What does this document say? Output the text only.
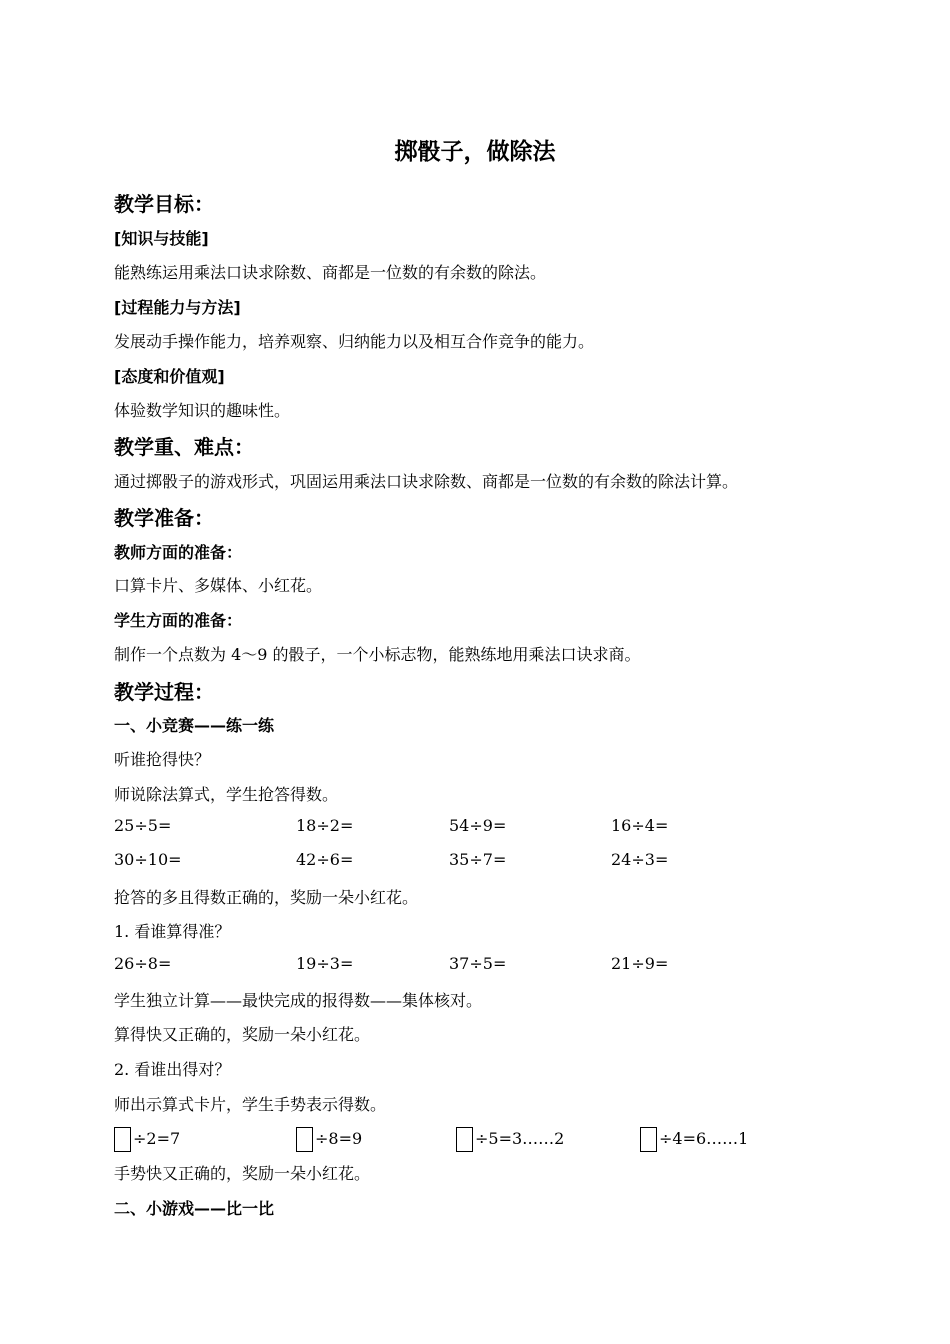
掷骰子，做除法
教学目标：
[知识与技能]
能熟练运用乘法口诀求除数、商都是一位数的有余数的除法。
[过程能力与方法]
发展动手操作能力，培养观察、归纳能力以及相互合作竞争的能力。
[态度和价值观]
体验数学知识的趣味性。
教学重、难点：
通过掷骰子的游戏形式，巩固运用乘法口诀求除数、商都是一位数的有余数的除法计算。
教学准备：
教师方面的准备：
口算卡片、多媒体、小红花。
学生方面的准备：
制作一个点数为 4～9 的骰子，一个小标志物，能熟练地用乘法口诀求商。
教学过程：
一、小竞赛——练一练
听谁抢得快？
师说除法算式，学生抢答得数。
25÷5=	18÷2=	54÷9=	16÷4=
30÷10=	42÷6=	35÷7=	24÷3=
抢答的多且得数正确的，奖励一朵小红花。
1. 看谁算得准？
26÷8=	19÷3=	37÷5=	21÷9=
学生独立计算——最快完成的报得数——集体核对。
算得快又正确的，奖励一朵小红花。
2. 看谁出得对？
师出示算式卡片，学生手势表示得数。
÷2=7	÷8=9	÷5=3……2	÷4=6……1
手势快又正确的，奖励一朵小红花。
二、小游戏——比一比
